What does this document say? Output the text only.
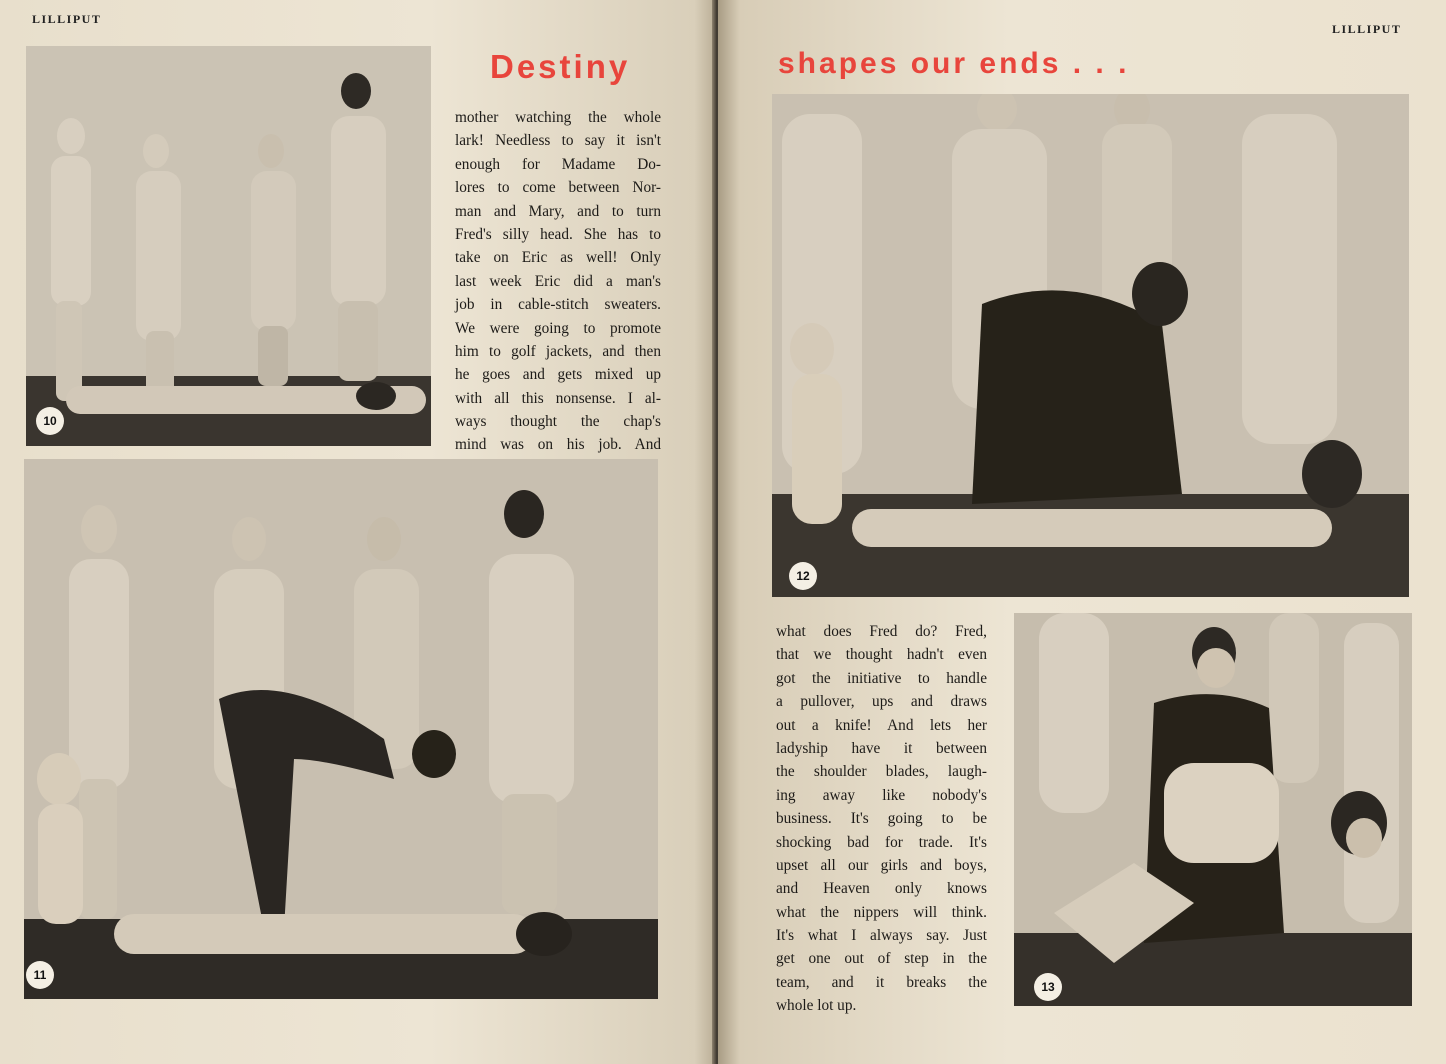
LILLIPUT
10
Destiny
mother watching the whole
lark! Needless to say it isn't
enough for Madame Do-
lores to come between Nor-
man and Mary, and to turn
Fred's silly head. She has to
take on Eric as well! Only
last week Eric did a man's
job in cable-stitch sweaters.
We were going to promote
him to golf jackets, and then
he goes and gets mixed up
with all this nonsense. I al-
ways thought the chap's
mind was on his job. And
11
LILLIPUT
shapes our ends . . .
12
what does Fred do? Fred,
that we thought hadn't even
got the initiative to handle
a pullover, ups and draws
out a knife! And lets her
ladyship have it between
the shoulder blades, laugh-
ing away like nobody's
business. It's going to be
shocking bad for trade. It's
upset all our girls and boys,
and Heaven only knows
what the nippers will think.
It's what I always say. Just
get one out of step in the
team, and it breaks the
whole lot up.
13
